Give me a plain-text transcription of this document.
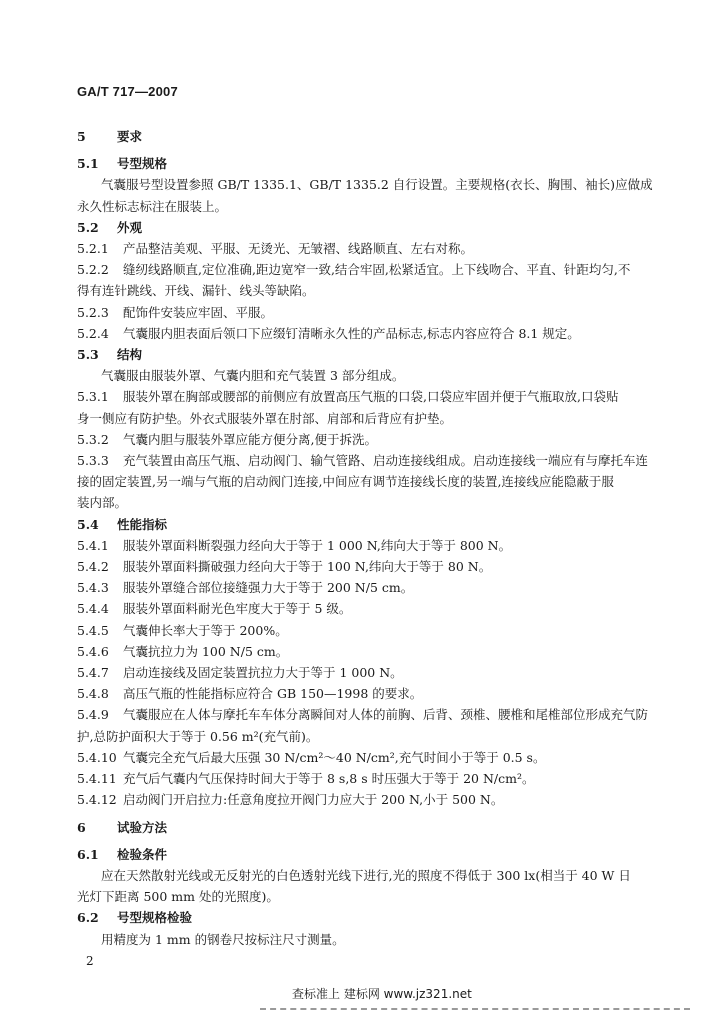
GA/T 717—2007
5	要求
5.1 号型规格
气囊服号型设置参照 GB/T 1335.1、GB/T 1335.2 自行设置。主要规格(衣长、胸围、袖长)应做成
永久性标志标注在服装上。
5.2 外观
5.2.1 产品整洁美观、平服、无烫光、无皱褶、线路顺直、左右对称。
5.2.2 缝纫线路顺直,定位准确,距边宽窄一致,结合牢固,松紧适宜。上下线吻合、平直、针距均匀,不
得有连针跳线、开线、漏针、线头等缺陷。
5.2.3 配饰件安装应牢固、平服。
5.2.4 气囊服内胆表面后领口下应缀钉清晰永久性的产品标志,标志内容应符合 8.1 规定。
5.3 结构
气囊服由服装外罩、气囊内胆和充气装置 3 部分组成。
5.3.1 服装外罩在胸部或腰部的前侧应有放置高压气瓶的口袋,口袋应牢固并便于气瓶取放,口袋贴
身一侧应有防护垫。外衣式服装外罩在肘部、肩部和后背应有护垫。
5.3.2 气囊内胆与服装外罩应能方便分离,便于拆洗。
5.3.3 充气装置由高压气瓶、启动阀门、输气管路、启动连接线组成。启动连接线一端应有与摩托车连
接的固定装置,另一端与气瓶的启动阀门连接,中间应有调节连接线长度的装置,连接线应能隐蔽于服
装内部。
5.4 性能指标
5.4.1 服装外罩面料断裂强力经向大于等于 1 000 N,纬向大于等于 800 N。
5.4.2 服装外罩面料撕破强力经向大于等于 100 N,纬向大于等于 80 N。
5.4.3 服装外罩缝合部位接缝强力大于等于 200 N/5 cm。
5.4.4 服装外罩面料耐光色牢度大于等于 5 级。
5.4.5 气囊伸长率大于等于 200%。
5.4.6 气囊抗拉力为 100 N/5 cm。
5.4.7 启动连接线及固定装置抗拉力大于等于 1 000 N。
5.4.8 高压气瓶的性能指标应符合 GB 150—1998 的要求。
5.4.9 气囊服应在人体与摩托车车体分离瞬间对人体的前胸、后背、颈椎、腰椎和尾椎部位形成充气防
护,总防护面积大于等于 0.56 m²(充气前)。
5.4.10 气囊完全充气后最大压强 30 N/cm²～40 N/cm²,充气时间小于等于 0.5 s。
5.4.11 充气后气囊内气压保持时间大于等于 8 s,8 s 时压强大于等于 20 N/cm²。
5.4.12 启动阀门开启拉力:任意角度拉开阀门力应大于 200 N,小于 500 N。
6	试验方法
6.1 检验条件
应在天然散射光线或无反射光的白色透射光线下进行,光的照度不得低于 300 lx(相当于 40 W 日
光灯下距离 500 mm 处的光照度)。
6.2 号型规格检验
用精度为 1 mm 的钢卷尺按标注尺寸测量。
2
查标准上 建标网 www.jz321.net
